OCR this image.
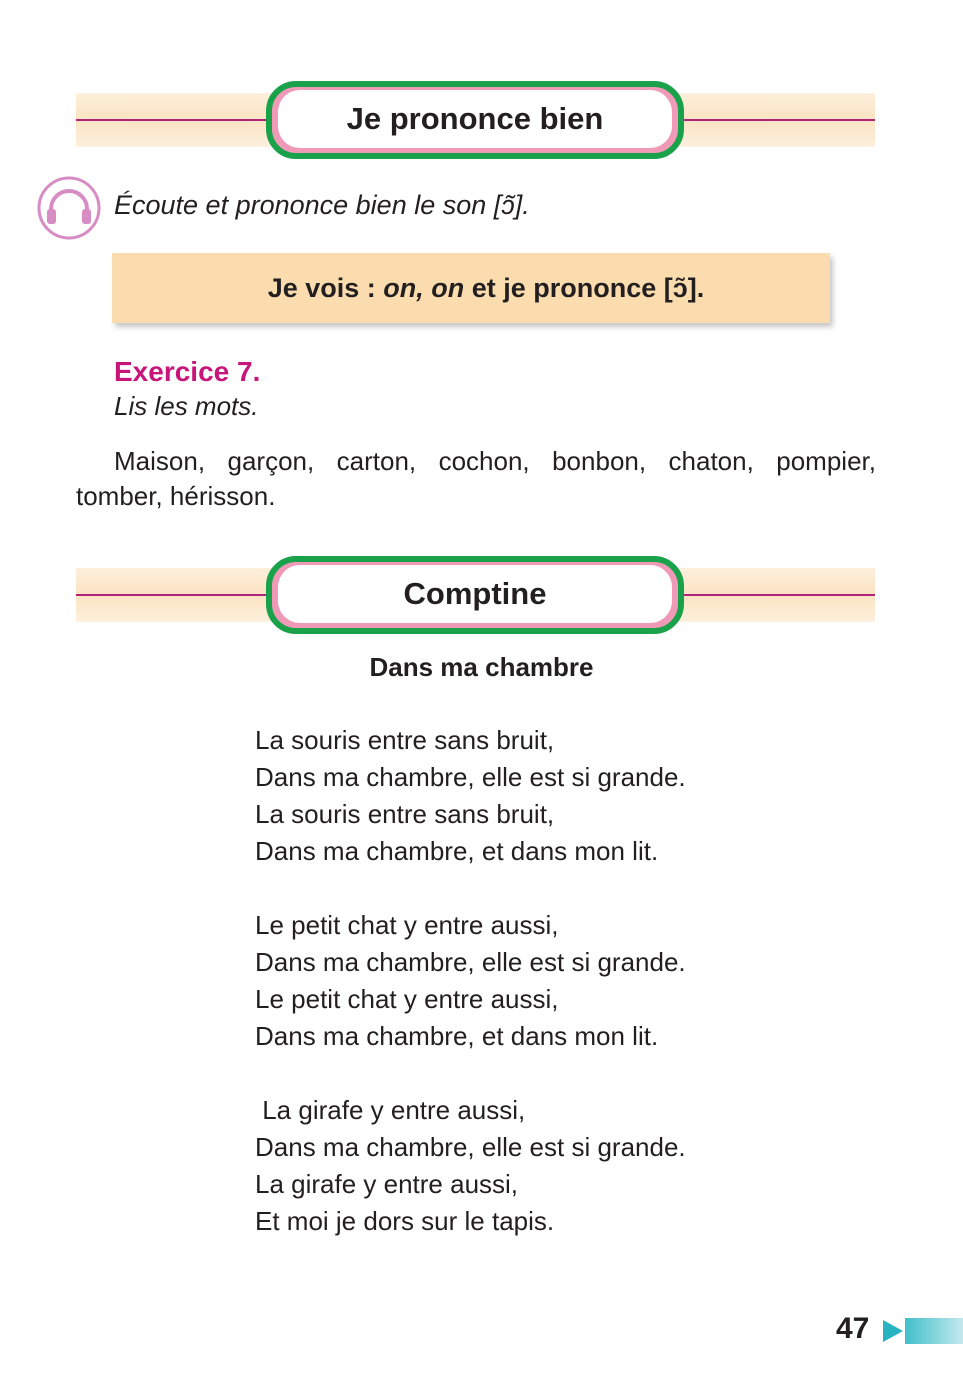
Je prononce bien
Écoute et prononce bien le son [ɔ̃].

Je vois : on, on et je prononce [ɔ̃].

Exercice 7.
Lis les mots.
Maison, garçon, carton, cochon, bonbon, chaton, pompier, tomber, hérisson.
Comptine
Dans ma chambre
La souris entre sans bruit,
Dans ma chambre, elle est si grande.
La souris entre sans bruit,
Dans ma chambre, et dans mon lit.
Le petit chat y entre aussi,
Dans ma chambre, elle est si grande.
Le petit chat y entre aussi,
Dans ma chambre, et dans mon lit.
La girafe y entre aussi,
Dans ma chambre, elle est si grande.
La girafe y entre aussi,
Et moi je dors sur le tapis.
47
